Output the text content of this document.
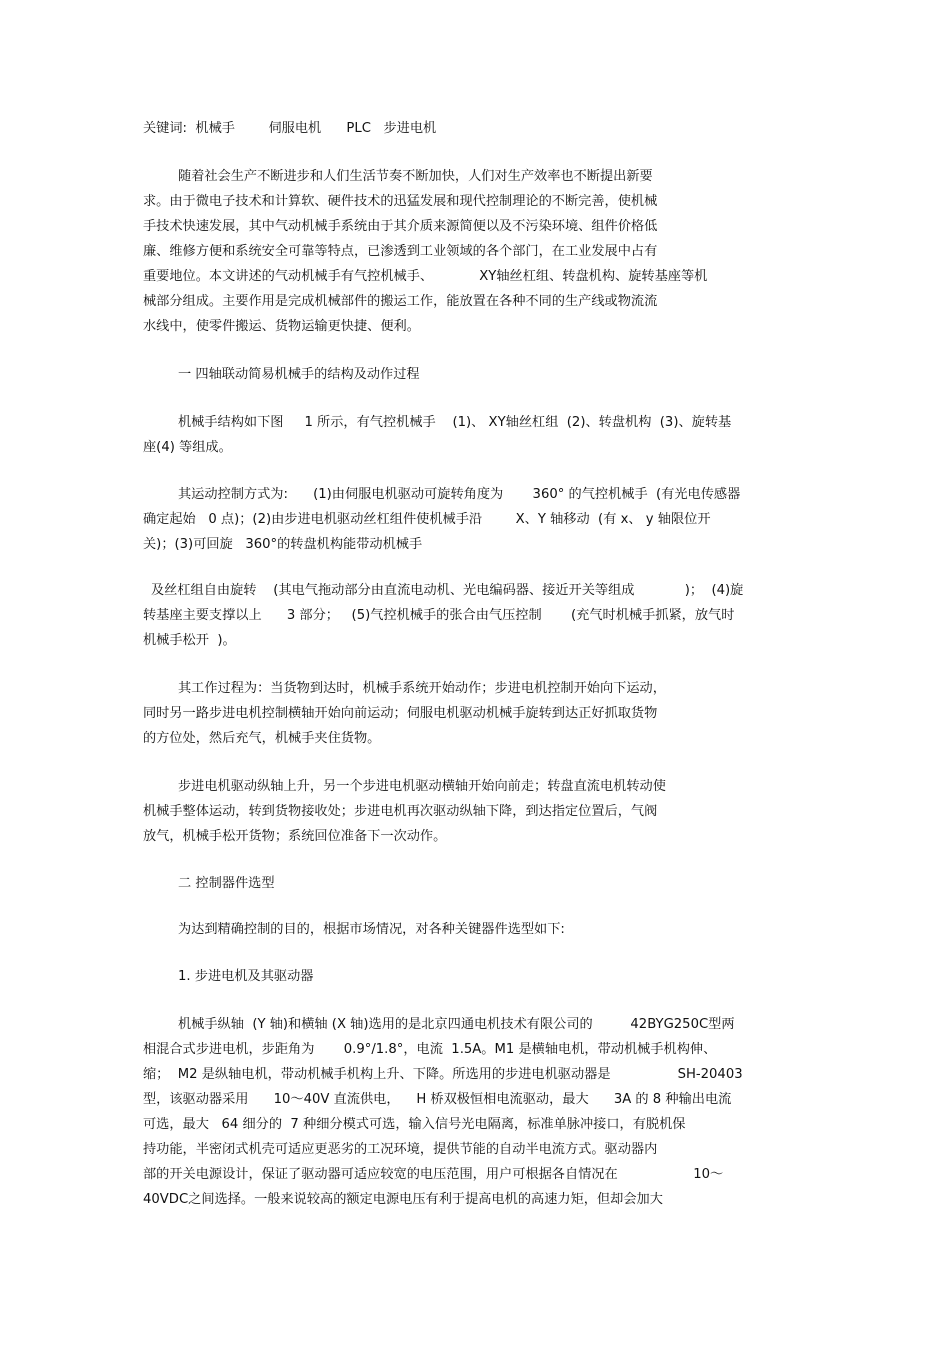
关键词:  机械手        伺服电机      PLC   步进电机
随着社会生产不断进步和人们生活节奏不断加快，人们对生产效率也不断提出新要
求。由于微电子技术和计算软、硬件技术的迅猛发展和现代控制理论的不断完善，使机械
手技术快速发展，其中气动机械手系统由于其介质来源简便以及不污染环境、组件价格低
廉、维修方便和系统安全可靠等特点，已渗透到工业领域的各个部门，在工业发展中占有
重要地位。本文讲述的气动机械手有气控机械手、           XY轴丝杠组、转盘机构、旋转基座等机
械部分组成。主要作用是完成机械部件的搬运工作，能放置在各种不同的生产线或物流流
水线中，使零件搬运、货物运输更快捷、便利。
一 四轴联动简易机械手的结构及动作过程
机械手结构如下图     1 所示，有气控机械手    (1)、 XY轴丝杠组  (2)、转盘机构  (3)、旋转基
座(4) 等组成。
其运动控制方式为:      (1)由伺服电机驱动可旋转角度为       360° 的气控机械手  (有光电传感器
确定起始   0 点)；(2)由步进电机驱动丝杠组件使机械手沿        X、Y 轴移动  (有 x、 y 轴限位开
关)；(3)可回旋   360°的转盘机构能带动机械手
及丝杠组自由旋转    (其电气拖动部分由直流电动机、光电编码器、接近开关等组成            )；  (4)旋
转基座主要支撑以上      3 部分；   (5)气控机械手的张合由气压控制       (充气时机械手抓紧，放气时
机械手松开  )。
其工作过程为：当货物到达时，机械手系统开始动作；步进电机控制开始向下运动，
同时另一路步进电机控制横轴开始向前运动；伺服电机驱动机械手旋转到达正好抓取货物
的方位处，然后充气，机械手夹住货物。
步进电机驱动纵轴上升，另一个步进电机驱动横轴开始向前走；转盘直流电机转动使
机械手整体运动，转到货物接收处；步进电机再次驱动纵轴下降，到达指定位置后，气阀
放气，机械手松开货物；系统回位准备下一次动作。
二 控制器件选型
为达到精确控制的目的，根据市场情况，对各种关键器件选型如下:
1. 步进电机及其驱动器
机械手纵轴  (Y 轴)和横轴 (X 轴)选用的是北京四通电机技术有限公司的         42BYG250C型两
相混合式步进电机，步距角为       0.9°/1.8°，电流  1.5A。M1 是横轴电机，带动机械手机构伸、
缩；  M2 是纵轴电机，带动机械手机构上升、下降。所选用的步进电机驱动器是                SH-20403
型，该驱动器采用      10～40V 直流供电，    H 桥双极恒相电流驱动，最大      3A 的 8 种输出电流
可选，最大   64 细分的  7 种细分模式可选，输入信号光电隔离，标准单脉冲接口，有脱机保
持功能，半密闭式机壳可适应更恶劣的工况环境，提供节能的自动半电流方式。驱动器内
部的开关电源设计，保证了驱动器可适应较宽的电压范围，用户可根据各自情况在                  10～
40VDC之间选择。一般来说较高的额定电源电压有利于提高电机的高速力矩，但却会加大
